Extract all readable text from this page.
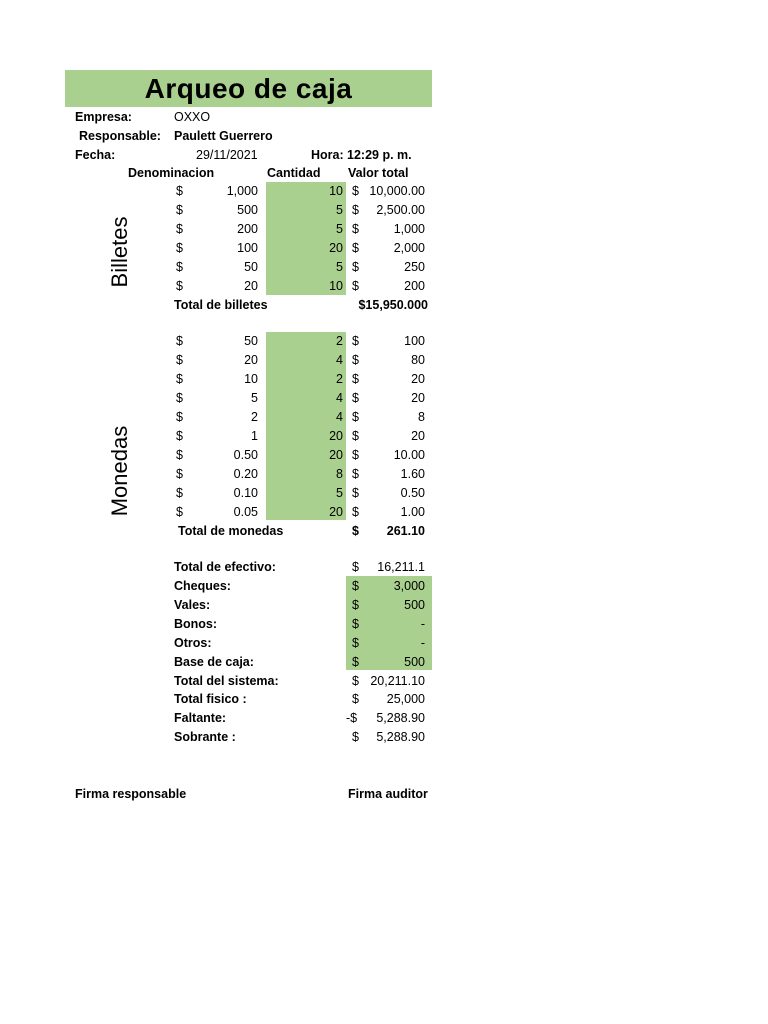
Arqueo de caja
Empresa:	OXXO
Responsable: Paulett Guerrero
Fecha:	29/11/2021	Hora: 12:29 p. m.
Denominacion	Cantidad Valor total
Billetes
Monedas
$	1,000	10 $ 10,000.00
$	500	5 $	2,500.00
$	200	5 $	1,000
$	100	20 $	2,000
$	50	5 $	250
$	20	10 $	200
Total de billetes	$15,950.000
$	50	2 $	100
$	20	4 $	80
$	10	2 $	20
$	5	4 $	20
$	2	4 $	8
$	1	20 $	20
$	0.50	20 $	10.00
$	0.20	8 $	1.60
$	0.10	5 $	0.50
$	0.05	20 $	1.00
Total de monedas	$	261.10
Total de efectivo:	$	16,211.1
Cheques:	$	3,000
Vales:	$	500
Bonos:	$	-
Otros:	$	-
Base de caja:	$	500
Total del sistema:	$ 20,211.10
Total fisico :	$	25,000
Faltante:	-$	5,288.90
Sobrante :	$	5,288.90
Firma responsable	Firma auditor
